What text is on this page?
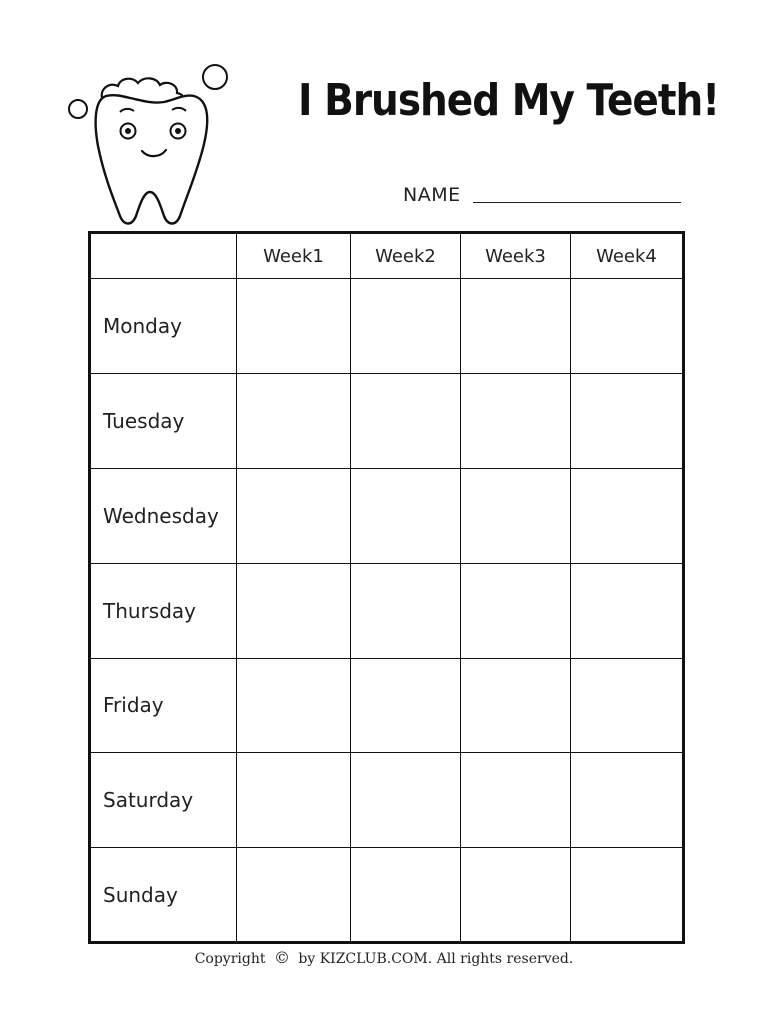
I Brushed My Teeth!
NAME
	Week1	Week2	Week3	Week4
Monday				
Tuesday				
Wednesday				
Thursday				
Friday				
Saturday				
Sunday				
Copyright © by KIZCLUB.COM. All rights reserved.
